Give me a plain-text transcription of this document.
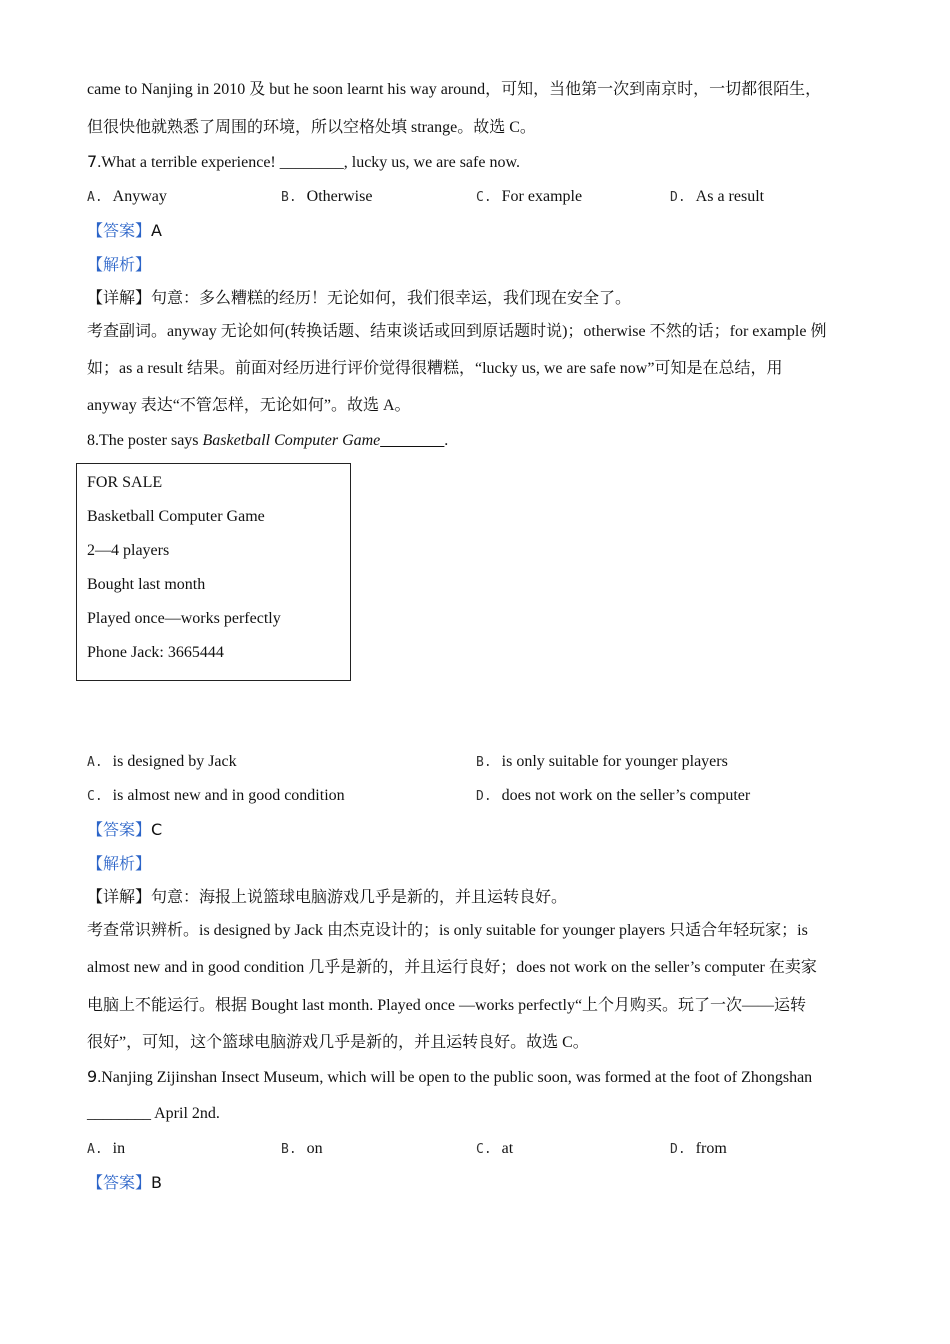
came to Nanjing in 2010 及 but he soon learnt his way around，可知，当他第一次到南京时，一切都很陌生，
但很快他就熟悉了周围的环境，所以空格处填 strange。故选 C。
7.What a terrible experience! ________, lucky us, we are safe now.
A. Anyway	B. Otherwise	C. For example	D. As a result
【答案】A
【解析】
【详解】句意：多么糟糕的经历！无论如何，我们很幸运，我们现在安全了。
考查副词。anyway 无论如何(转换话题、结束谈话或回到原话题时说)；otherwise 不然的话；for example 例
如；as a result 结果。前面对经历进行评价觉得很糟糕，“lucky us, we are safe now”可知是在总结，用
anyway 表达“不管怎样，无论如何”。故选 A。
8.The poster says Basketball Computer Game________.
FOR SALE
Basketball Computer Game
2—4 players
Bought last month
Played once—works perfectly
Phone Jack: 3665444
A. is designed by Jack	B. is only suitable for younger players
C. is almost new and in good condition	D. does not work on the seller’s computer
【答案】C
【解析】
【详解】句意：海报上说篮球电脑游戏几乎是新的，并且运转良好。
考查常识辨析。is designed by Jack 由杰克设计的；is only suitable for younger players 只适合年轻玩家；is
almost new and in good condition 几乎是新的，并且运行良好；does not work on the seller’s computer 在卖家
电脑上不能运行。根据 Bought last month. Played once —works perfectly“上个月购买。玩了一次——运转
很好”，可知，这个篮球电脑游戏几乎是新的，并且运转良好。故选 C。
9.Nanjing Zijinshan Insect Museum, which will be open to the public soon, was formed at the foot of Zhongshan
________ April 2nd.
A. in	B. on	C. at	D. from
【答案】B
